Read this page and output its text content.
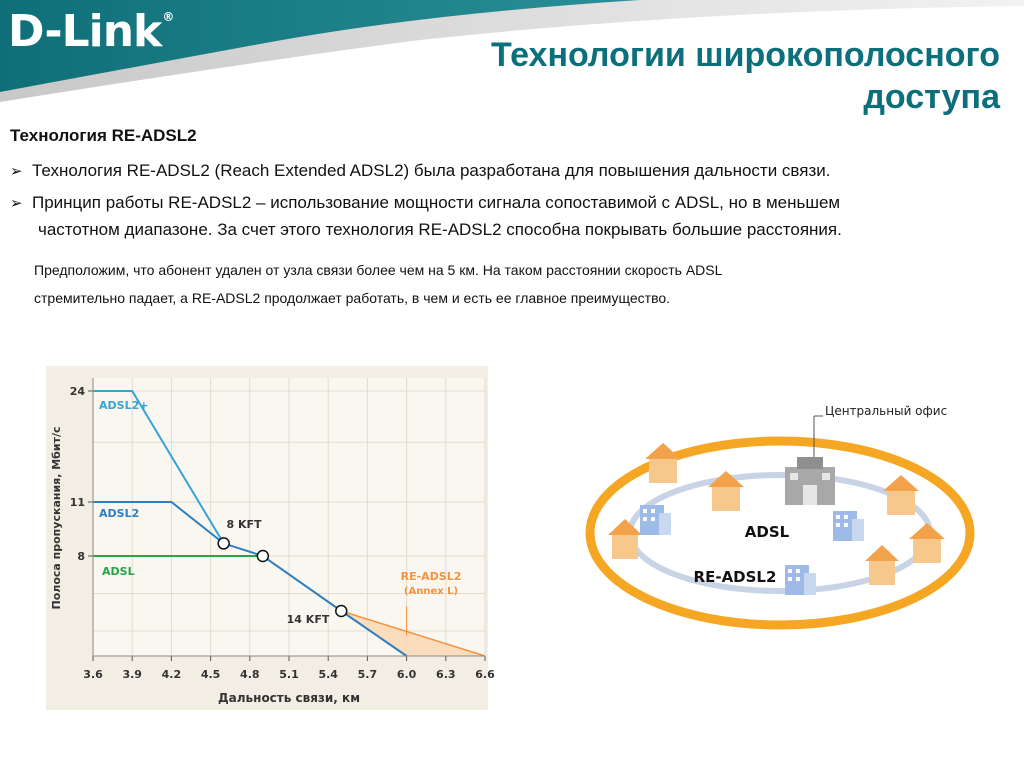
D-Link®
Технологии широкополосного
доступа
Технология RE-ADSL2
➢ Технология RE-ADSL2 (Reach Extended ADSL2) была разработана для повышения дальности связи.
➢ Принцип работы RE-ADSL2 – использование мощности сигнала сопоставимой с ADSL, но в меньшем
частотном диапазоне. За счет этого технология RE-ADSL2 способна покрывать большие расстояния.
Предположим, что абонент удален от узла связи более чем на 5 км. На таком расстоянии скорость ADSL
стремительно падает, а RE-ADSL2 продолжает работать, в чем и есть ее главное преимущество.
3.6 3.9 4.2 4.5 4.8 5.1 5.4 5.7 6.0 6.3 6.6
24
11
8
Дальность связи, км
Полоса пропускания, Мбит/с
ADSL2+
ADSL2
ADSL	RE-ADSL2
(Annex L)
8 KFT
14 KFT
Центральный офис
ADSL
RE-ADSL2
